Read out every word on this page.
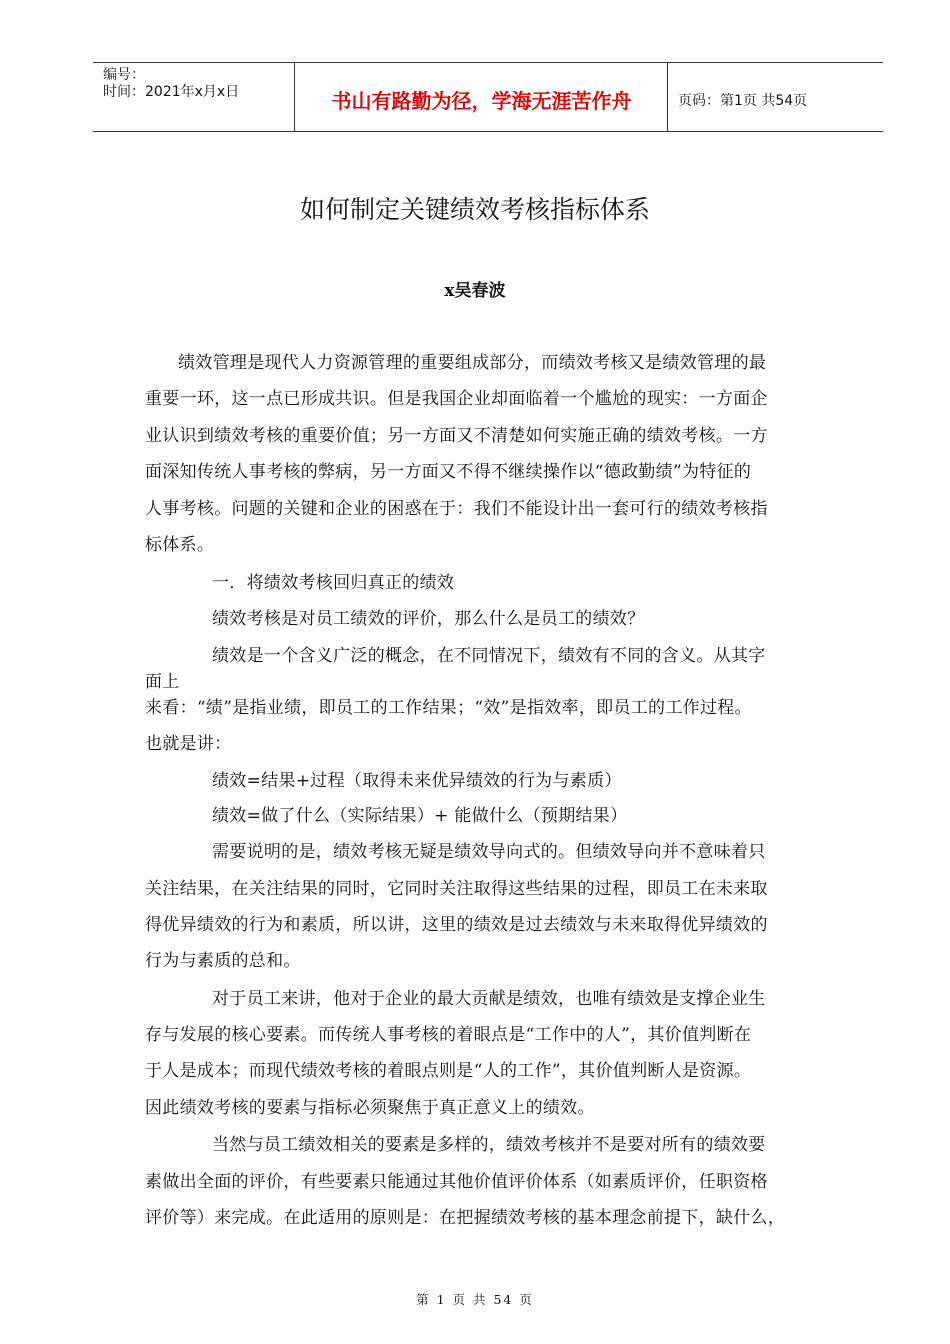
编号：
时间：2021年x月x日	书山有路勤为径，学海无涯苦作舟	页码：第1页 共54页
如何制定关键绩效考核指标体系
x吴春波
绩效管理是现代人力资源管理的重要组成部分，而绩效考核又是绩效管理的最
重要一环，这一点已形成共识。但是我国企业却面临着一个尴尬的现实：一方面企
业认识到绩效考核的重要价值；另一方面又不清楚如何实施正确的绩效考核。一方
面深知传统人事考核的弊病，另一方面又不得不继续操作以“德政勤绩”为特征的
人事考核。问题的关键和企业的困惑在于：我们不能设计出一套可行的绩效考核指
标体系。
一．将绩效考核回归真正的绩效
绩效考核是对员工绩效的评价，那么什么是员工的绩效？
绩效是一个含义广泛的概念，在不同情况下，绩效有不同的含义。从其字
面上
来看：“绩”是指业绩，即员工的工作结果；“效”是指效率，即员工的工作过程。
也就是讲：
绩效=结果+过程（取得未来优异绩效的行为与素质）
绩效=做了什么（实际结果）+ 能做什么（预期结果）
需要说明的是，绩效考核无疑是绩效导向式的。但绩效导向并不意味着只
关注结果，在关注结果的同时，它同时关注取得这些结果的过程，即员工在未来取
得优异绩效的行为和素质，所以讲，这里的绩效是过去绩效与未来取得优异绩效的
行为与素质的总和。
对于员工来讲，他对于企业的最大贡献是绩效，也唯有绩效是支撑企业生
存与发展的核心要素。而传统人事考核的着眼点是“工作中的人”，其价值判断在
于人是成本；而现代绩效考核的着眼点则是“人的工作”，其价值判断人是资源。
因此绩效考核的要素与指标必须聚焦于真正意义上的绩效。
当然与员工绩效相关的要素是多样的，绩效考核并不是要对所有的绩效要
素做出全面的评价，有些要素只能通过其他价值评价体系（如素质评价，任职资格
评价等）来完成。在此适用的原则是：在把握绩效考核的基本理念前提下，缺什么，
第 1 页 共 54 页
